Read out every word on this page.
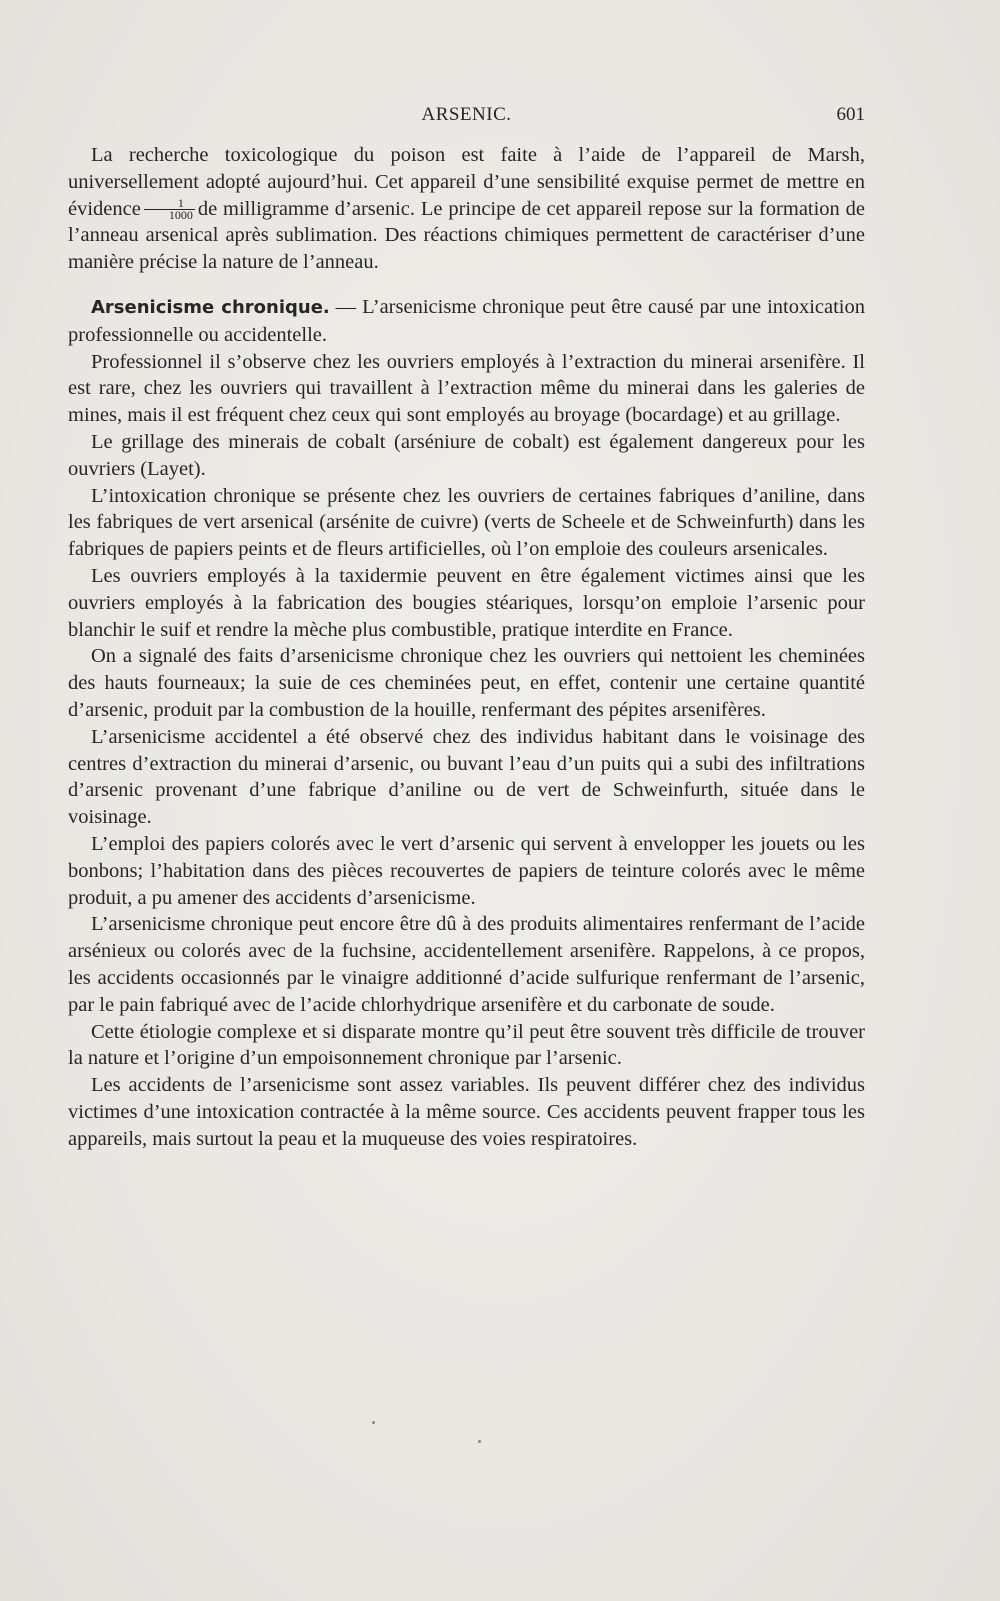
ARSENIC.	601

La recherche toxicologique du poison est faite à l’aide de l’appareil de Marsh, universellement adopté aujourd’hui. Cet appareil d’une sensibilité exquise permet de mettre en évidence $\frac{1}{1000}$ de milligramme d’arsenic. Le principe de cet appareil repose sur la formation de l’anneau arsenical après sublimation. Des réactions chimiques permettent de caractériser d’une manière précise la nature de l’anneau.

Arsenicisme chronique. — L’arsenicisme chronique peut être causé par une intoxication professionnelle ou accidentelle.

Professionnel il s’observe chez les ouvriers employés à l’extraction du minerai arsenifère. Il est rare, chez les ouvriers qui travaillent à l’extraction même du minerai dans les galeries de mines, mais il est fréquent chez ceux qui sont employés au broyage (bocardage) et au grillage.

Le grillage des minerais de cobalt (arséniure de cobalt) est également dangereux pour les ouvriers (Layet).

L’intoxication chronique se présente chez les ouvriers de certaines fabriques d’aniline, dans les fabriques de vert arsenical (arsénite de cuivre) (verts de Scheele et de Schweinfurth) dans les fabriques de papiers peints et de fleurs artificielles, où l’on emploie des couleurs arsenicales.

Les ouvriers employés à la taxidermie peuvent en être également victimes ainsi que les ouvriers employés à la fabrication des bougies stéariques, lorsqu’on emploie l’arsenic pour blanchir le suif et rendre la mèche plus combustible, pratique interdite en France.

On a signalé des faits d’arsenicisme chronique chez les ouvriers qui nettoient les cheminées des hauts fourneaux; la suie de ces cheminées peut, en effet, contenir une certaine quantité d’arsenic, produit par la combustion de la houille, renfermant des pépites arsenifères.

L’arsenicisme accidentel a été observé chez des individus habitant dans le voisinage des centres d’extraction du minerai d’arsenic, ou buvant l’eau d’un puits qui a subi des infiltrations d’arsenic provenant d’une fabrique d’aniline ou de vert de Schweinfurth, située dans le voisinage.

L’emploi des papiers colorés avec le vert d’arsenic qui servent à envelopper les jouets ou les bonbons; l’habitation dans des pièces recouvertes de papiers de teinture colorés avec le même produit, a pu amener des accidents d’arsenicisme.

L’arsenicisme chronique peut encore être dû à des produits alimentaires renfermant de l’acide arsénieux ou colorés avec de la fuchsine, accidentellement arsenifère. Rappelons, à ce propos, les accidents occasionnés par le vinaigre additionné d’acide sulfurique renfermant de l’arsenic, par le pain fabriqué avec de l’acide chlorhydrique arsenifère et du carbonate de soude.

Cette étiologie complexe et si disparate montre qu’il peut être souvent très difficile de trouver la nature et l’origine d’un empoisonnement chronique par l’arsenic.

Les accidents de l’arsenicisme sont assez variables. Ils peuvent différer chez des individus victimes d’une intoxication contractée à la même source. Ces accidents peuvent frapper tous les appareils, mais surtout la peau et la muqueuse des voies respiratoires.
